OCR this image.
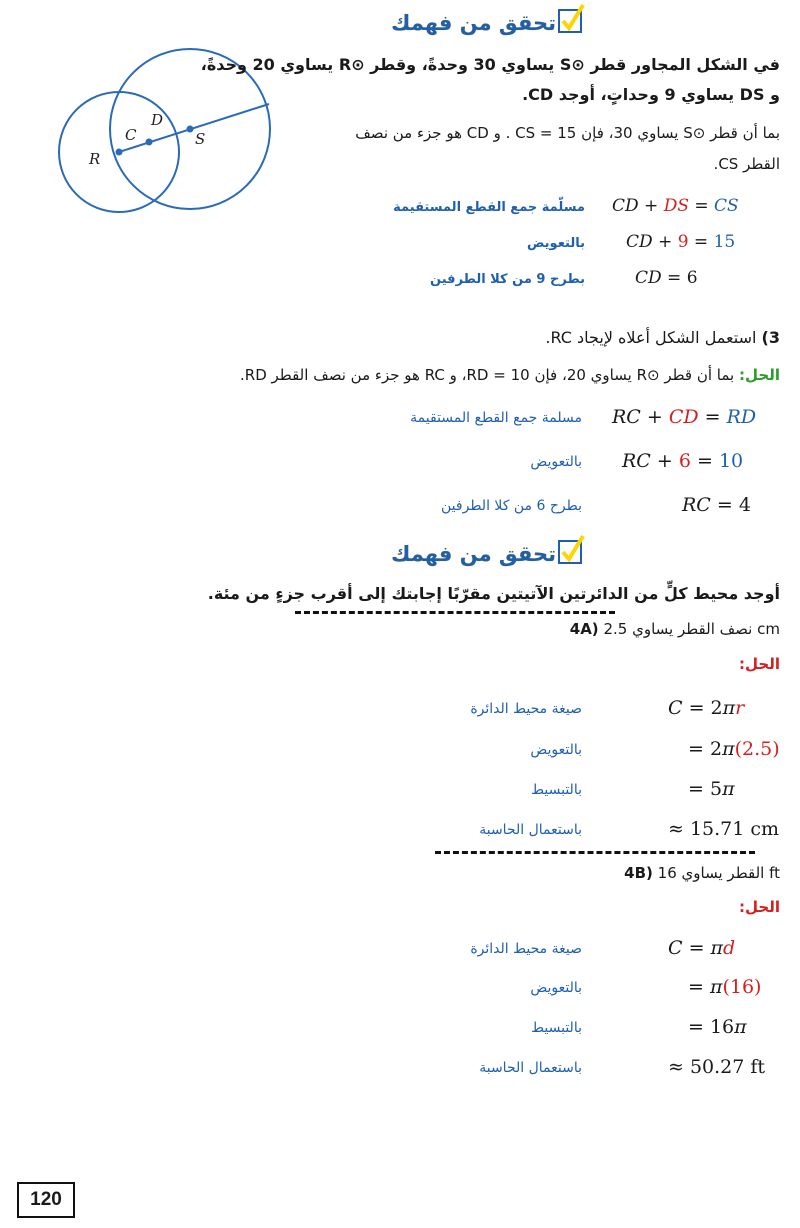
تحقق من فهمك
R
C
D
S
في الشكل المجاور قطر ⊙S يساوي 30 وحدةً، وقطر ⊙R يساوي 20 وحدةً،
و DS يساوي 9 وحداتٍ، أوجد CD.
بما أن قطر ⊙S يساوي 30، فإن 15 = CS . و CD هو جزء من نصف
القطر CS.
CD + DS = CS
مسلّمة جمع القطع المستقيمة
CD + 9 = 15
بالتعويض
CD = 6
بطرح 9 من كلا الطرفين
3) استعمل الشكل أعلاه لإيجاد RC.
الحل: بما أن قطر ⊙R يساوي 20، فإن 10 = RD، و RC هو جزء من نصف القطر RD.
RC + CD = RD
مسلمة جمع القطع المستقيمة
RC + 6 = 10
بالتعويض
RC = 4
بطرح 6 من كلا الطرفين
تحقق من فهمك
أوجد محيط كلٍّ من الدائرتين الآتيتين مقرّبًا إجابتك إلى أقرب جزءٍ من مئة.
4A) نصف القطر يساوي 2.5 cm
الحل:
C = 2πr
صيغة محيط الدائرة
= 2π(2.5)
بالتعويض
= 5π
بالتبسيط
≈ 15.71 cm
باستعمال الحاسبة
4B) القطر يساوي 16 ft
الحل:
C = πd
صيغة محيط الدائرة
= π(16)
بالتعويض
= 16π
بالتبسيط
≈ 50.27 ft
باستعمال الحاسبة
120
